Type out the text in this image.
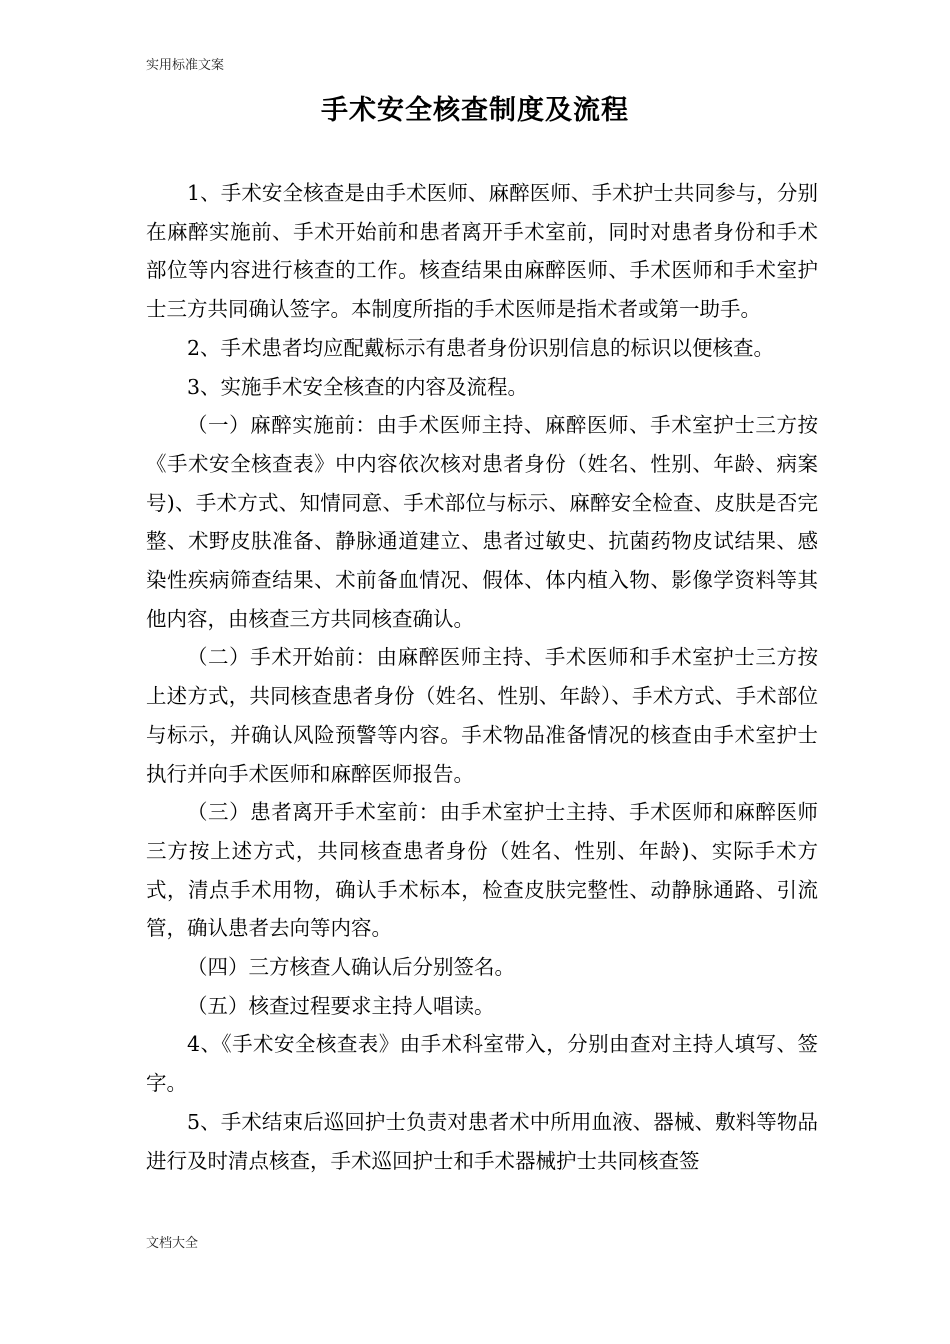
实用标准文案
手术安全核查制度及流程

1、手术安全核查是由手术医师、麻醉医师、手术护士共同参与，分别在麻醉实施前、手术开始前和患者离开手术室前，同时对患者身份和手术部位等内容进行核查的工作。核查结果由麻醉医师、手术医师和手术室护士三方共同确认签字。本制度所指的手术医师是指术者或第一助手。

2、手术患者均应配戴标示有患者身份识别信息的标识以便核查。

3、实施手术安全核查的内容及流程。

（一）麻醉实施前：由手术医师主持、麻醉医师、手术室护士三方按《手术安全核查表》中内容依次核对患者身份（姓名、性别、年龄、病案号)、手术方式、知情同意、手术部位与标示、麻醉安全检查、皮肤是否完整、术野皮肤准备、静脉通道建立、患者过敏史、抗菌药物皮试结果、感染性疾病筛查结果、术前备血情况、假体、体内植入物、影像学资料等其他内容，由核查三方共同核查确认。

（二）手术开始前：由麻醉医师主持、手术医师和手术室护士三方按上述方式，共同核查患者身份（姓名、性别、年龄）、手术方式、手术部位与标示，并确认风险预警等内容。手术物品准备情况的核查由手术室护士执行并向手术医师和麻醉医师报告。

（三）患者离开手术室前：由手术室护士主持、手术医师和麻醉医师三方按上述方式，共同核查患者身份（姓名、性别、年龄)、实际手术方式，清点手术用物，确认手术标本，检查皮肤完整性、动静脉通路、引流管，确认患者去向等内容。

（四）三方核查人确认后分别签名。

（五）核查过程要求主持人唱读。

4、《手术安全核查表》由手术科室带入，分别由查对主持人填写、签字。

5、手术结束后巡回护士负责对患者术中所用血液、器械、敷料等物品进行及时清点核查，手术巡回护士和手术器械护士共同核查签

文档大全
